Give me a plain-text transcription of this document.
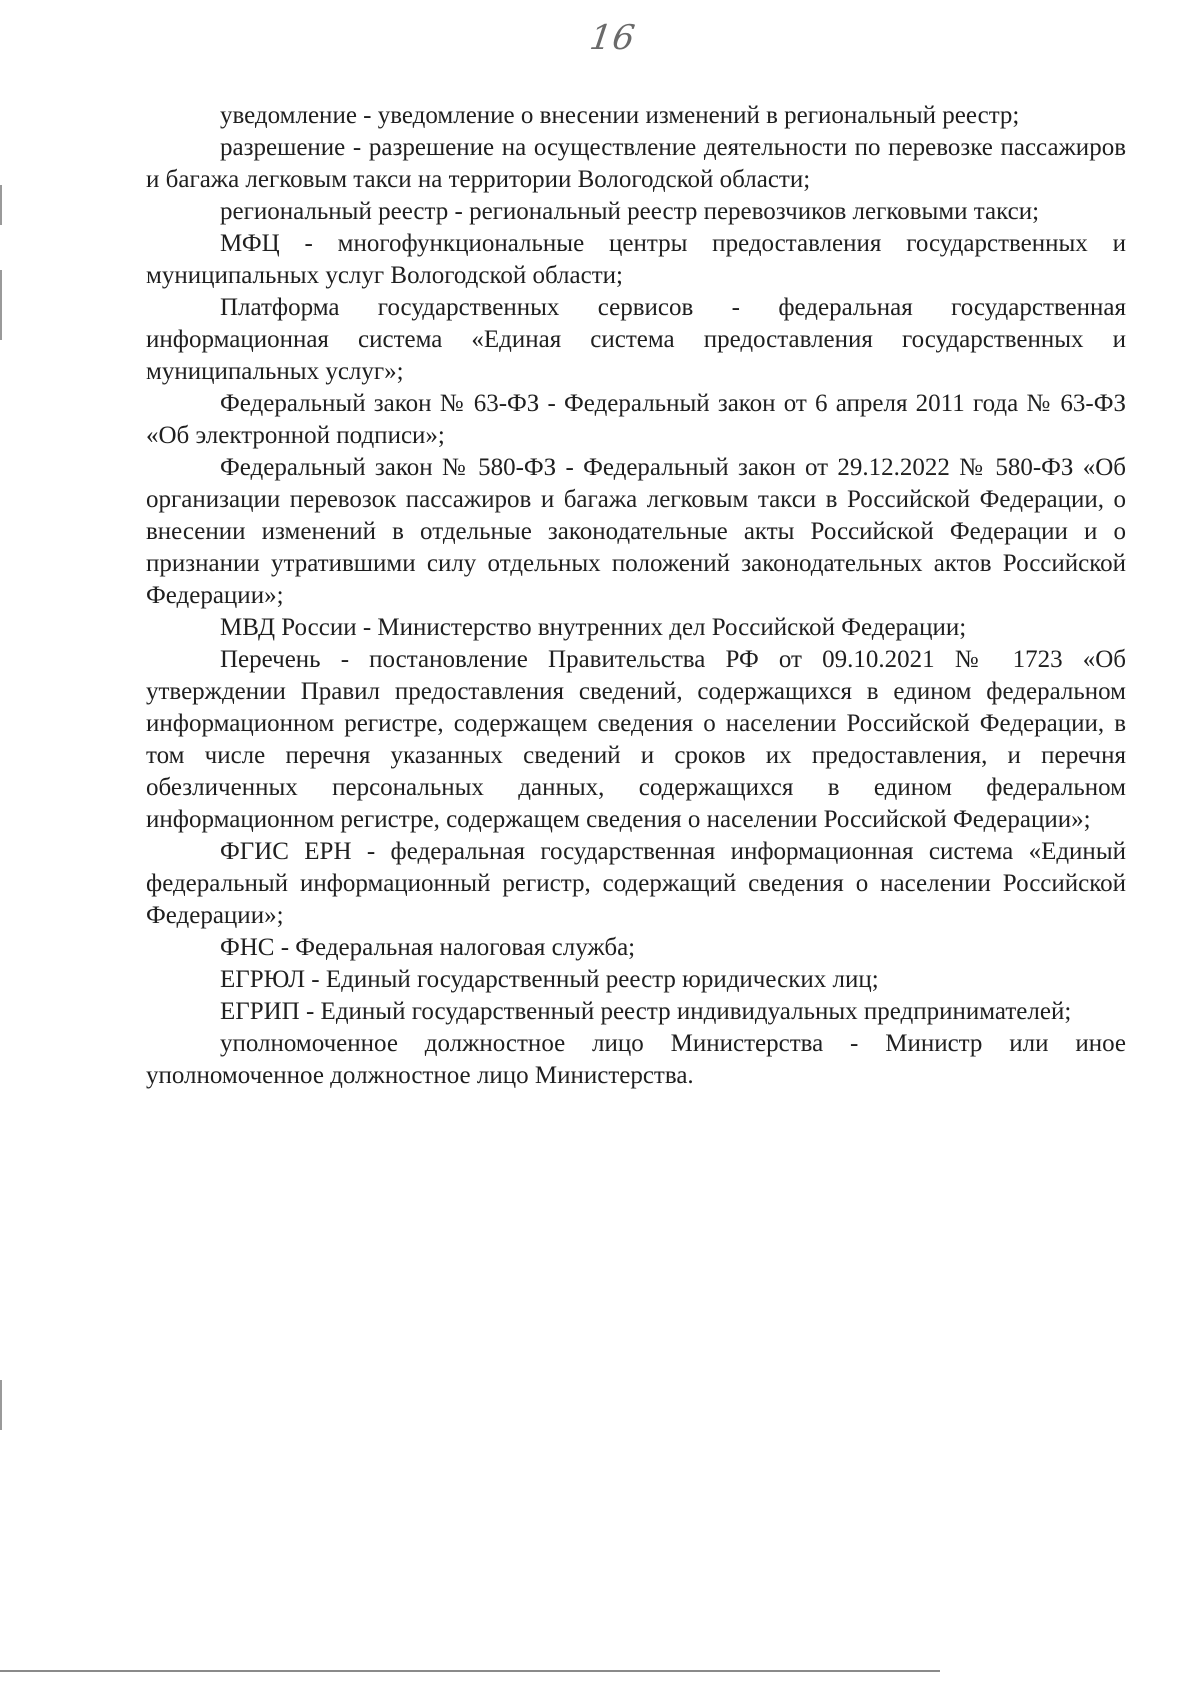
16

уведомление - уведомление о внесении изменений в региональный реестр;

разрешение - разрешение на осуществление деятельности по перевозке пассажиров и багажа легковым такси на территории Вологодской области;

региональный реестр - региональный реестр перевозчиков легковыми такси;

МФЦ - многофункциональные центры предоставления государственных и муниципальных услуг Вологодской области;

Платформа государственных сервисов - федеральная государственная информационная система «Единая система предоставления государственных и муниципальных услуг»;

Федеральный закон № 63-ФЗ - Федеральный закон от 6 апреля 2011 года № 63-ФЗ «Об электронной подписи»;

Федеральный закон № 580-ФЗ - Федеральный закон от 29.12.2022 № 580-ФЗ «Об организации перевозок пассажиров и багажа легковым такси в Российской Федерации, о внесении изменений в отдельные законодательные акты Российской Федерации и о признании утратившими силу отдельных положений законодательных актов Российской Федерации»;

МВД России - Министерство внутренних дел Российской Федерации;

Перечень - постановление Правительства РФ от 09.10.2021 № 1723 «Об утверждении Правил предоставления сведений, содержащихся в едином федеральном информационном регистре, содержащем сведения о населении Российской Федерации, в том числе перечня указанных сведений и сроков их предоставления, и перечня обезличенных персональных данных, содержащихся в едином федеральном информационном регистре, содержащем сведения о населении Российской Федерации»;

ФГИС ЕРН - федеральная государственная информационная система «Единый федеральный информационный регистр, содержащий сведения о населении Российской Федерации»;

ФНС - Федеральная налоговая служба;

ЕГРЮЛ - Единый государственный реестр юридических лиц;

ЕГРИП - Единый государственный реестр индивидуальных предпринимателей;

уполномоченное должностное лицо Министерства - Министр или иное уполномоченное должностное лицо Министерства.
